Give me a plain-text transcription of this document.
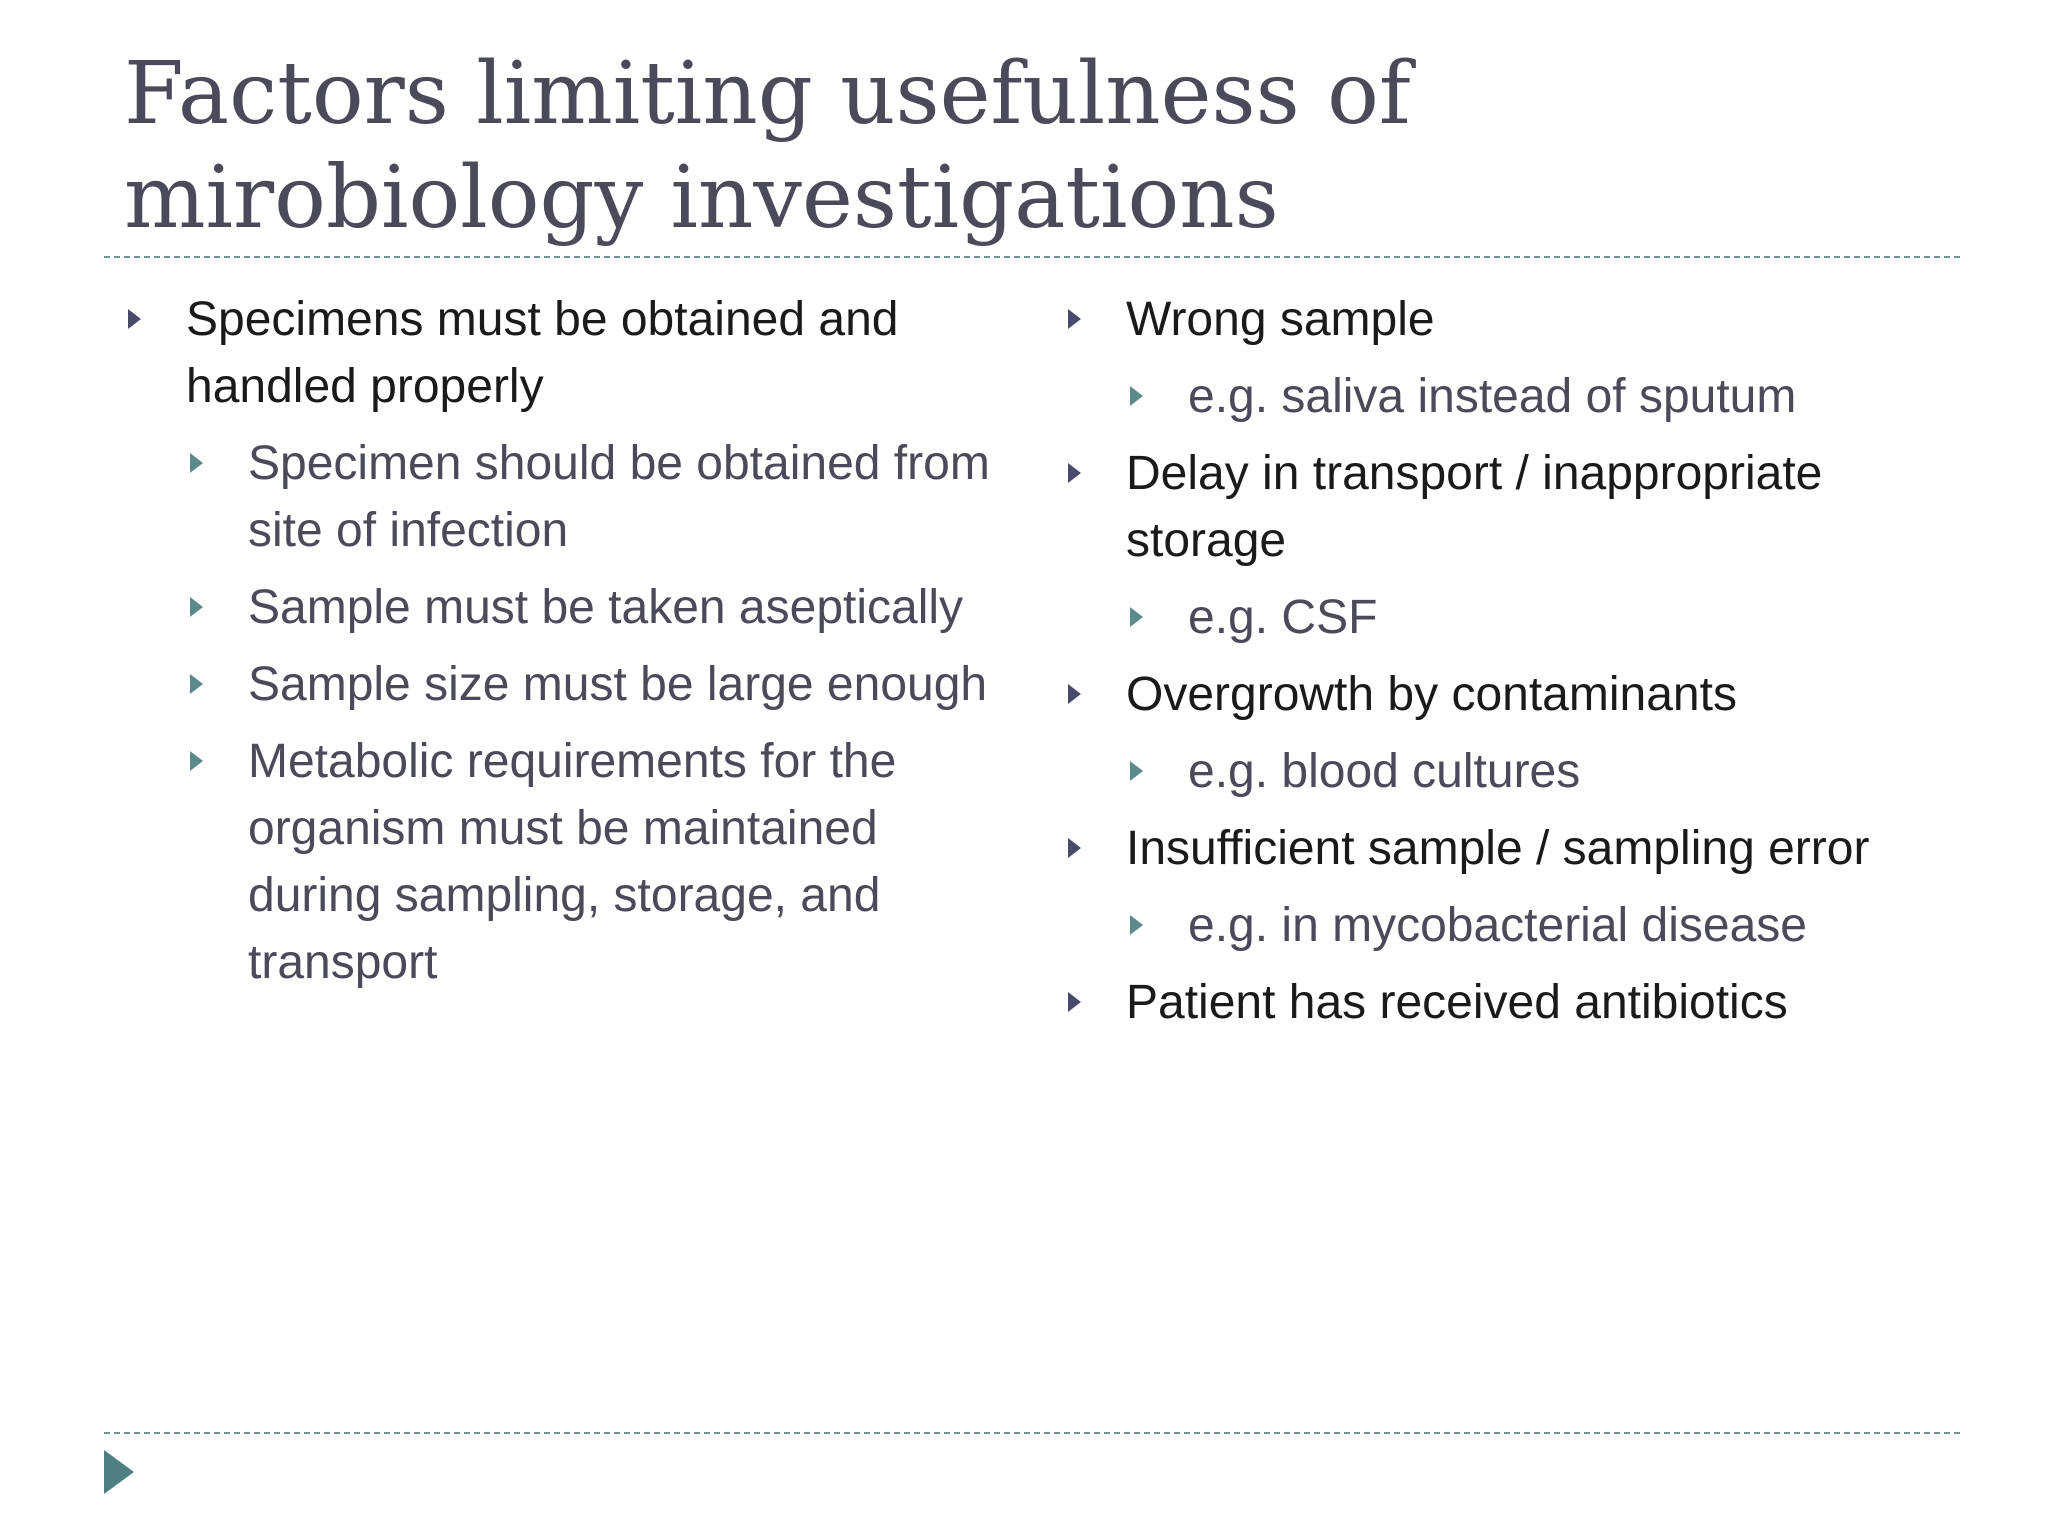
Factors limiting usefulness of mirobiology investigations
Specimens must be obtained and handled properly
Specimen should be obtained from site of infection
Sample must be taken aseptically
Sample size must be large enough
Metabolic requirements for the organism must be maintained during sampling, storage, and transport
Wrong sample
e.g. saliva instead of sputum
Delay in transport / inappropriate storage
e.g. CSF
Overgrowth by contaminants
e.g. blood cultures
Insufficient sample / sampling error
e.g. in mycobacterial disease
Patient has received antibiotics
